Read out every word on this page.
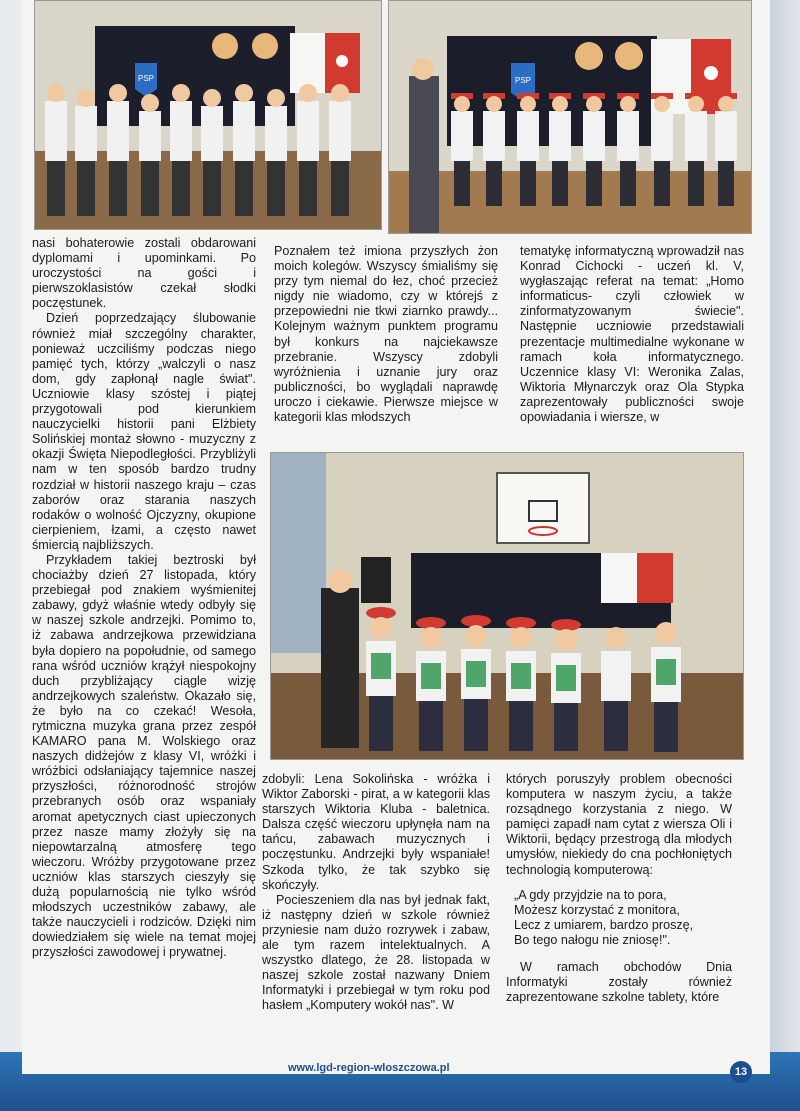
PSP	PSP

nasi bohaterowie zostali obdarowani dyplomami i upominkami. Po uroczystości na gości i pierwszoklasistów czekał słodki poczęstunek.

Dzień poprzedzający ślubowanie również miał szczególny charakter, ponieważ uczciliśmy podczas niego pamięć tych, którzy „walczyli o nasz dom, gdy zapłonął nagle świat". Uczniowie klasy szóstej i piątej przygotowali pod kierunkiem nauczycielki historii pani Elżbiety Solińskiej montaż słowno - muzyczny z okazji Święta Niepodległości. Przybliżyli nam w ten sposób bardzo trudny rozdział w historii naszego kraju – czas zaborów oraz starania naszych rodaków o wolność Ojczyzny, okupione cierpieniem, łzami, a często nawet śmiercią najbliższych.

Przykładem takiej beztroski był chociażby dzień 27 listopada, który przebiegał pod znakiem wyśmienitej zabawy, gdyż właśnie wtedy odbyły się w naszej szkole andrzejki. Pomimo to, iż zabawa andrzejkowa przewidziana była dopiero na popołudnie, od samego rana wśród uczniów krążył niespokojny duch przybliżający ciągle wizję andrzejkowych szaleństw. Okazało się, że było na co czekać! Wesoła, rytmiczna muzyka grana przez zespół KAMARO pana M. Wolskiego oraz naszych didżejów z klasy VI, wróżki i wróżbici odsłaniający tajemnice naszej przyszłości, różnorodność strojów przebranych osób oraz wspaniały aromat apetycznych ciast upieczonych przez nasze mamy złożyły się na niepowtarzalną atmosferę tego wieczoru. Wróżby przygotowane przez uczniów klas starszych cieszyły się dużą popularnością nie tylko wśród młodszych uczestników zabawy, ale także nauczycieli i rodziców. Dzięki nim dowiedziałem się wiele na temat mojej przyszłości zawodowej i prywatnej.

Poznałem też imiona przyszłych żon moich kolegów. Wszyscy śmialiśmy się przy tym niemal do łez, choć przecież nigdy nie wiadomo, czy w którejś z przepowiedni nie tkwi ziarnko prawdy... Kolejnym ważnym punktem programu był konkurs na najciekawsze przebranie. Wszyscy zdobyli wyróżnienia i uznanie jury oraz publiczności, bo wyglądali naprawdę uroczo i ciekawie. Pierwsze miejsce w kategorii klas młodszych

tematykę informatyczną wprowadził nas Konrad Cichocki - uczeń kl. V, wygłaszając referat na temat: „Homo informaticus- czyli człowiek w zinformatyzowanym świecie". Następnie uczniowie przedstawiali prezentacje multimedialne wykonane w ramach koła informatycznego. Uczennice klasy VI: Weronika Zalas, Wiktoria Młynarczyk oraz Ola Stypka zaprezentowały publiczności swoje opowiadania i wiersze, w

zdobyli: Lena Sokolińska - wróżka i Wiktor Zaborski - pirat, a w kategorii klas starszych Wiktoria Kluba - baletnica. Dalsza część wieczoru upłynęła nam na tańcu, zabawach muzycznych i poczęstunku. Andrzejki były wspaniałe! Szkoda tylko, że tak szybko się skończyły.

Pocieszeniem dla nas był jednak fakt, iż następny dzień w szkole również przyniesie nam dużo rozrywek i zabaw, ale tym razem intelektualnych. A wszystko dlatego, że 28. listopada w naszej szkole został nazwany Dniem Informatyki i przebiegał w tym roku pod hasłem „Komputery wokół nas". W

których poruszyły problem obecności komputera w naszym życiu, a także rozsądnego korzystania z niego. W pamięci zapadł nam cytat z wiersza Oli i Wiktorii, będący przestrogą dla młodych umysłów, niekiedy do cna pochłoniętych technologią komputerową:

„A gdy przyjdzie na to pora,
Możesz korzystać z monitora,
Lecz z umiarem, bardzo proszę,
Bo tego nałogu nie zniosę!".

W ramach obchodów Dnia Informatyki zostały również zaprezentowane szkolne tablety, które

www.lgd-region-wloszczowa.pl	13
